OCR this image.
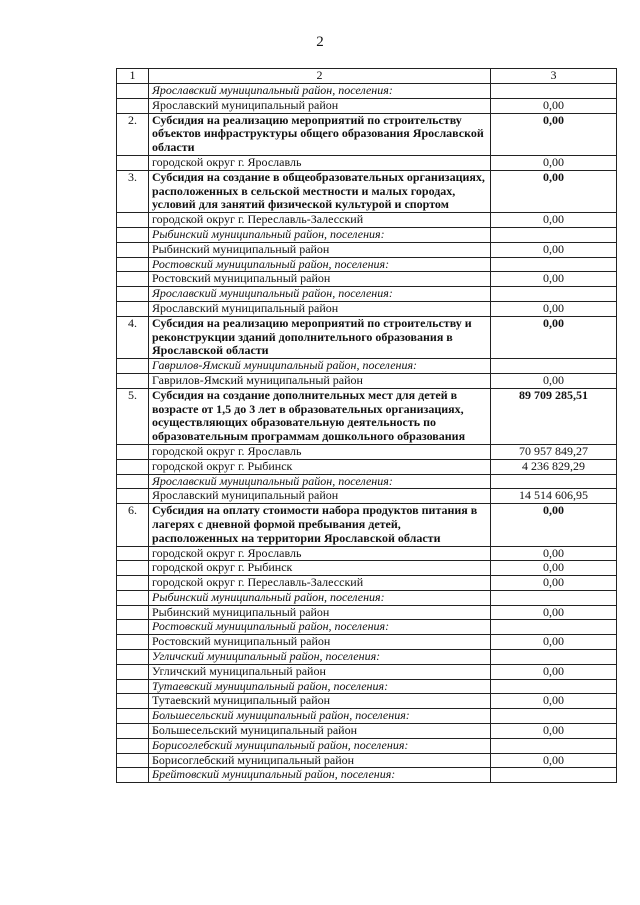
2
1	2	3
	Ярославский муниципальный район, поселения:	
	Ярославский муниципальный район	0,00
2.	Субсидия на реализацию мероприятий по строительству объектов инфраструктуры общего образования Ярославской области	0,00
	городской округ г. Ярославль	0,00
3.	Субсидия на создание в общеобразовательных организациях, расположенных в сельской местности и малых городах, условий для занятий физической культурой и спортом	0,00
	городской округ г. Переславль-Залесский	0,00
	Рыбинский муниципальный район, поселения:	
	Рыбинский муниципальный район	0,00
	Ростовский муниципальный район, поселения:	
	Ростовский муниципальный район	0,00
	Ярославский муниципальный район, поселения:	
	Ярославский муниципальный район	0,00
4.	Субсидия на реализацию мероприятий по строительству и реконструкции зданий дополнительного образования в Ярославской области	0,00
	Гаврилов-Ямский муниципальный район, поселения:	
	Гаврилов-Ямский муниципальный район	0,00
5.	Субсидия на создание дополнительных мест для детей в возрасте от 1,5 до 3 лет в образовательных организациях, осуществляющих образовательную деятельность по образовательным программам дошкольного образования	89 709 285,51
	городской округ г. Ярославль	70 957 849,27
	городской округ г. Рыбинск	4 236 829,29
	Ярославский муниципальный район, поселения:	
	Ярославский муниципальный район	14 514 606,95
6.	Субсидия на оплату стоимости набора продуктов питания в лагерях с дневной формой пребывания детей, расположенных на территории Ярославской области	0,00
	городской округ г. Ярославль	0,00
	городской округ г. Рыбинск	0,00
	городской округ г. Переславль-Залесский	0,00
	Рыбинский муниципальный район, поселения:	
	Рыбинский муниципальный район	0,00
	Ростовский муниципальный район, поселения:	
	Ростовский муниципальный район	0,00
	Угличский муниципальный район, поселения:	
	Угличский муниципальный район	0,00
	Тутаевский муниципальный район, поселения:	
	Тутаевский муниципальный район	0,00
	Большесельский муниципальный район, поселения:	
	Большесельский муниципальный район	0,00
	Борисоглебский муниципальный район, поселения:	
	Борисоглебский муниципальный район	0,00
	Брейтовский муниципальный район, поселения:	
